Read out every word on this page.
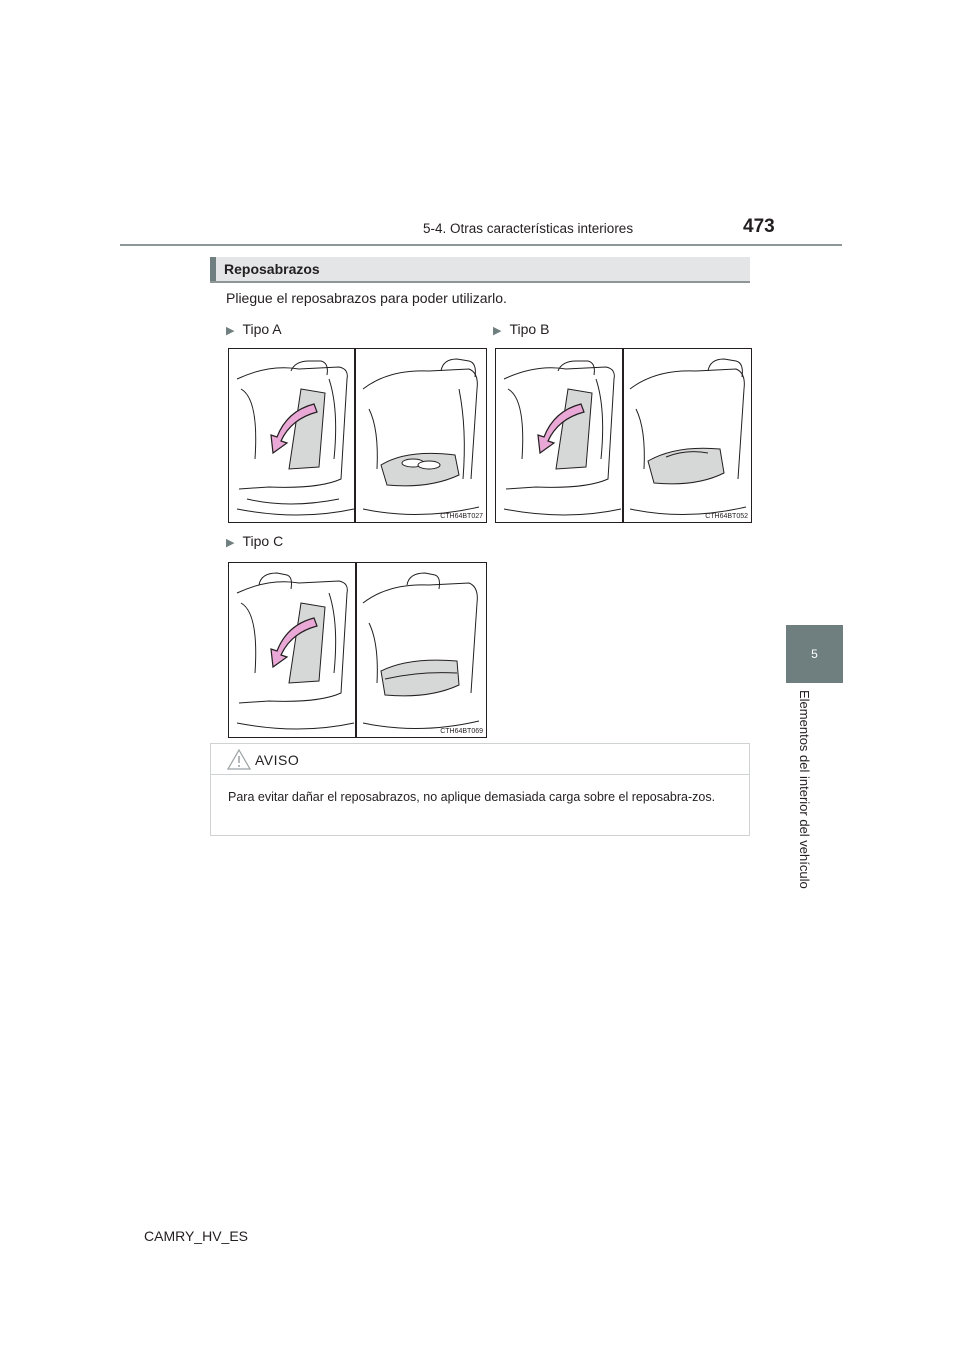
5-4. Otras características interiores	473
5
Elementos del interior del vehículo
Reposabrazos
Pliegue el reposabrazos para poder utilizarlo.
▶ Tipo A	▶ Tipo B
▶ Tipo C
CTH64BT027	CTH64BT052
CTH64BT069
AVISO
Para evitar dañar el reposabrazos, no aplique demasiada carga sobre el reposabra-zos.
CAMRY_HV_ES
